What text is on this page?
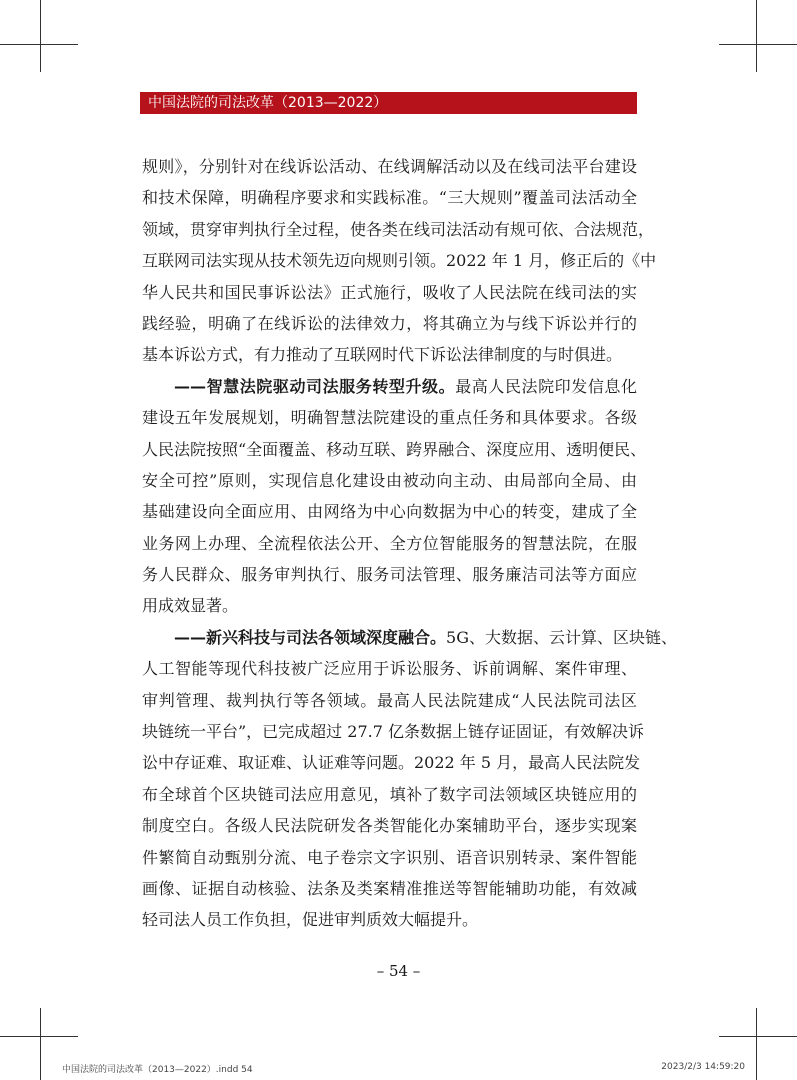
中国法院的司法改革（2013—2022）

规则》，分别针对在线诉讼活动、在线调解活动以及在线司法平台建设
和技术保障，明确程序要求和实践标准。“三大规则”覆盖司法活动全
领域，贯穿审判执行全过程，使各类在线司法活动有规可依、合法规范，
互联网司法实现从技术领先迈向规则引领。2022 年 1 月，修正后的《中
华人民共和国民事诉讼法》正式施行，吸收了人民法院在线司法的实
践经验，明确了在线诉讼的法律效力，将其确立为与线下诉讼并行的
基本诉讼方式，有力推动了互联网时代下诉讼法律制度的与时俱进。

——智慧法院驱动司法服务转型升级。最高人民法院印发信息化
建设五年发展规划，明确智慧法院建设的重点任务和具体要求。各级
人民法院按照“全面覆盖、移动互联、跨界融合、深度应用、透明便民、
安全可控”原则，实现信息化建设由被动向主动、由局部向全局、由
基础建设向全面应用、由网络为中心向数据为中心的转变，建成了全
业务网上办理、全流程依法公开、全方位智能服务的智慧法院，在服
务人民群众、服务审判执行、服务司法管理、服务廉洁司法等方面应
用成效显著。

——新兴科技与司法各领域深度融合。5G、大数据、云计算、区块链、
人工智能等现代科技被广泛应用于诉讼服务、诉前调解、案件审理、
审判管理、裁判执行等各领域。最高人民法院建成“人民法院司法区
块链统一平台”，已完成超过 27.7 亿条数据上链存证固证，有效解决诉
讼中存证难、取证难、认证难等问题。2022 年 5 月，最高人民法院发
布全球首个区块链司法应用意见，填补了数字司法领域区块链应用的
制度空白。各级人民法院研发各类智能化办案辅助平台，逐步实现案
件繁简自动甄别分流、电子卷宗文字识别、语音识别转录、案件智能
画像、证据自动核验、法条及类案精准推送等智能辅助功能，有效减
轻司法人员工作负担，促进审判质效大幅提升。

– 54 –
中国法院的司法改革（2013—2022）.indd 54	2023/2/3 14:59:20
